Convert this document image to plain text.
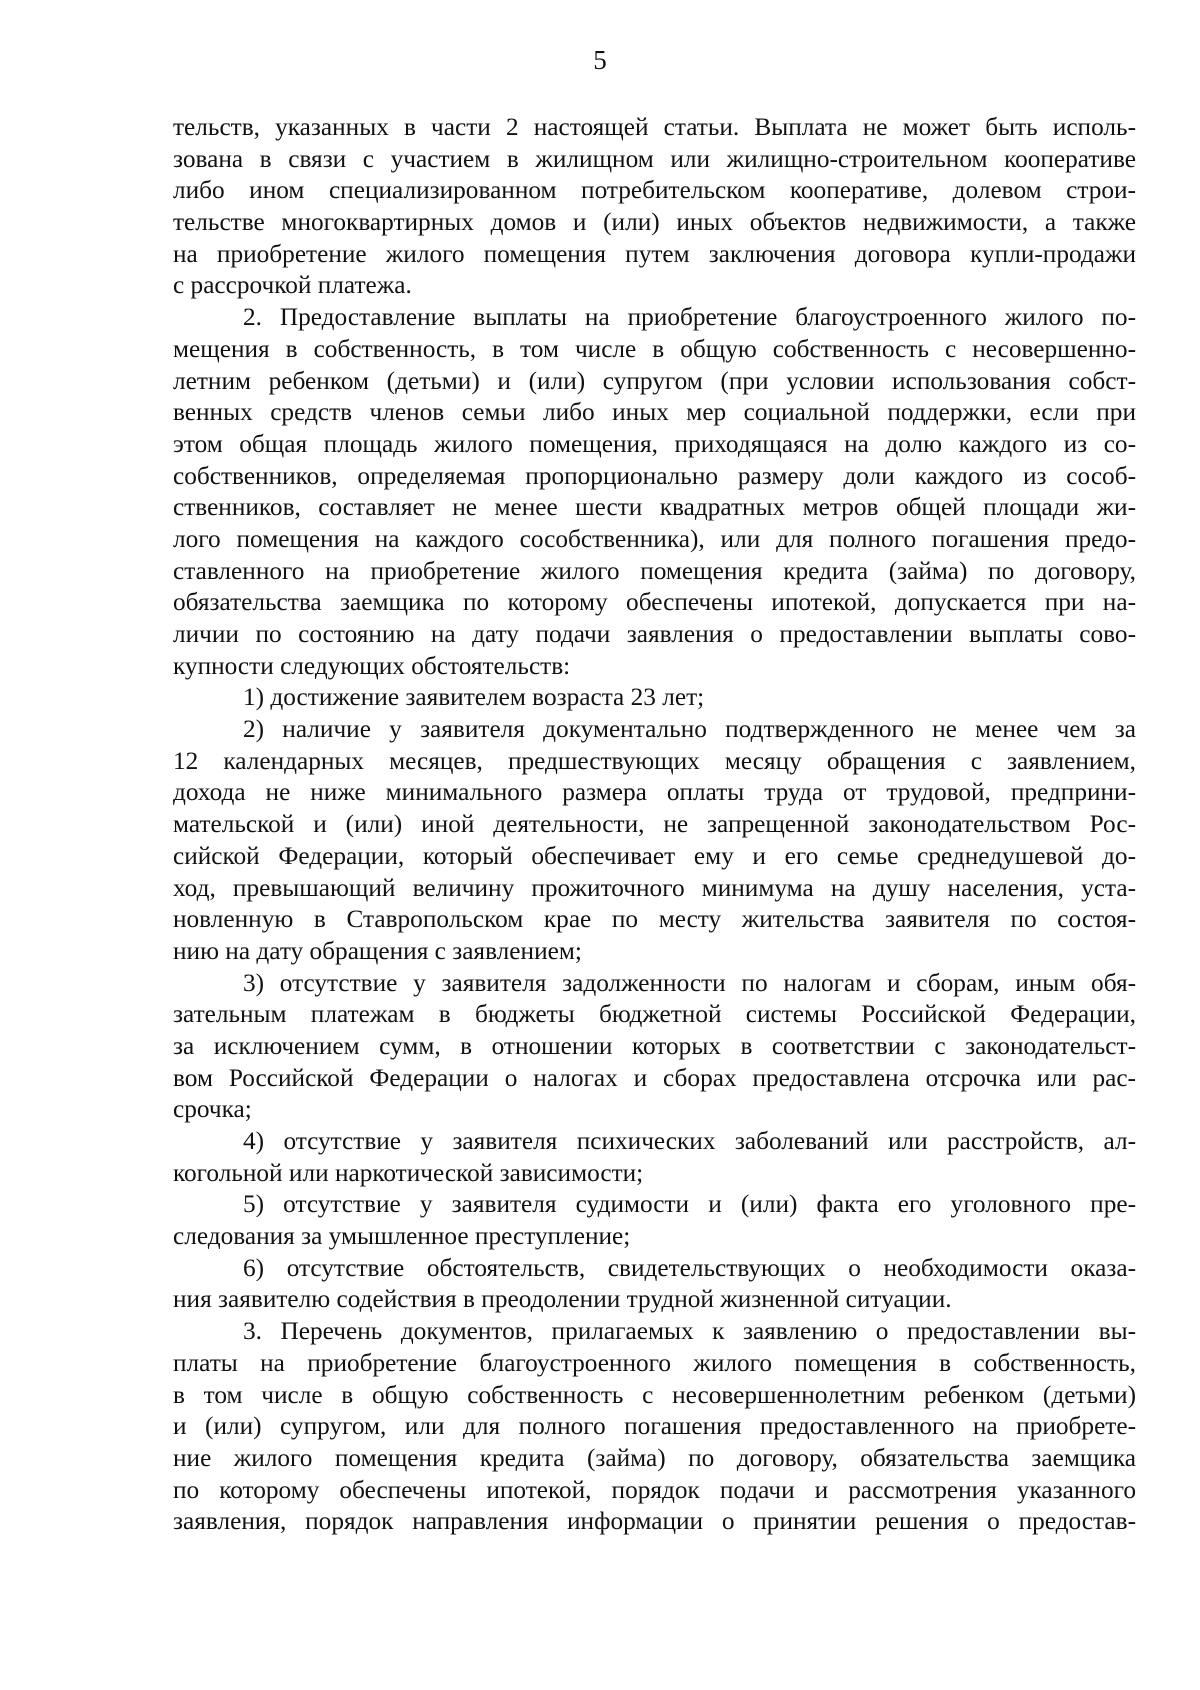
5
тельств, указанных в части 2 настоящей статьи. Выплата не может быть исполь-
зована в связи с участием в жилищном или жилищно-строительном кооперативе
либо ином специализированном потребительском кооперативе, долевом строи-
тельстве многоквартирных домов и (или) иных объектов недвижимости, а также
на приобретение жилого помещения путем заключения договора купли-продажи
с рассрочкой платежа.
2. Предоставление выплаты на приобретение благоустроенного жилого по-
мещения в собственность, в том числе в общую собственность с несовершенно-
летним ребенком (детьми) и (или) супругом (при условии использования собст-
венных средств членов семьи либо иных мер социальной поддержки, если при
этом общая площадь жилого помещения, приходящаяся на долю каждого из со-
собственников, определяемая пропорционально размеру доли каждого из сособ-
ственников, составляет не менее шести квадратных метров общей площади жи-
лого помещения на каждого сособственника), или для полного погашения предо-
ставленного на приобретение жилого помещения кредита (займа) по договору,
обязательства заемщика по которому обеспечены ипотекой, допускается при на-
личии по состоянию на дату подачи заявления о предоставлении выплаты сово-
купности следующих обстоятельств:
1) достижение заявителем возраста 23 лет;
2) наличие у заявителя документально подтвержденного не менее чем за
12 календарных месяцев, предшествующих месяцу обращения с заявлением,
дохода не ниже минимального размера оплаты труда от трудовой, предприни-
мательской и (или) иной деятельности, не запрещенной законодательством Рос-
сийской Федерации, который обеспечивает ему и его семье среднедушевой до-
ход, превышающий величину прожиточного минимума на душу населения, уста-
новленную в Ставропольском крае по месту жительства заявителя по состоя-
нию на дату обращения с заявлением;
3) отсутствие у заявителя задолженности по налогам и сборам, иным обя-
зательным платежам в бюджеты бюджетной системы Российской Федерации,
за исключением сумм, в отношении которых в соответствии с законодательст-
вом Российской Федерации о налогах и сборах предоставлена отсрочка или рас-
срочка;
4) отсутствие у заявителя психических заболеваний или расстройств, ал-
когольной или наркотической зависимости;
5) отсутствие у заявителя судимости и (или) факта его уголовного пре-
следования за умышленное преступление;
6) отсутствие обстоятельств, свидетельствующих о необходимости оказа-
ния заявителю содействия в преодолении трудной жизненной ситуации.
3. Перечень документов, прилагаемых к заявлению о предоставлении вы-
платы на приобретение благоустроенного жилого помещения в собственность,
в том числе в общую собственность с несовершеннолетним ребенком (детьми)
и (или) супругом, или для полного погашения предоставленного на приобрете-
ние жилого помещения кредита (займа) по договору, обязательства заемщика
по которому обеспечены ипотекой, порядок подачи и рассмотрения указанного
заявления, порядок направления информации о принятии решения о предостав-
